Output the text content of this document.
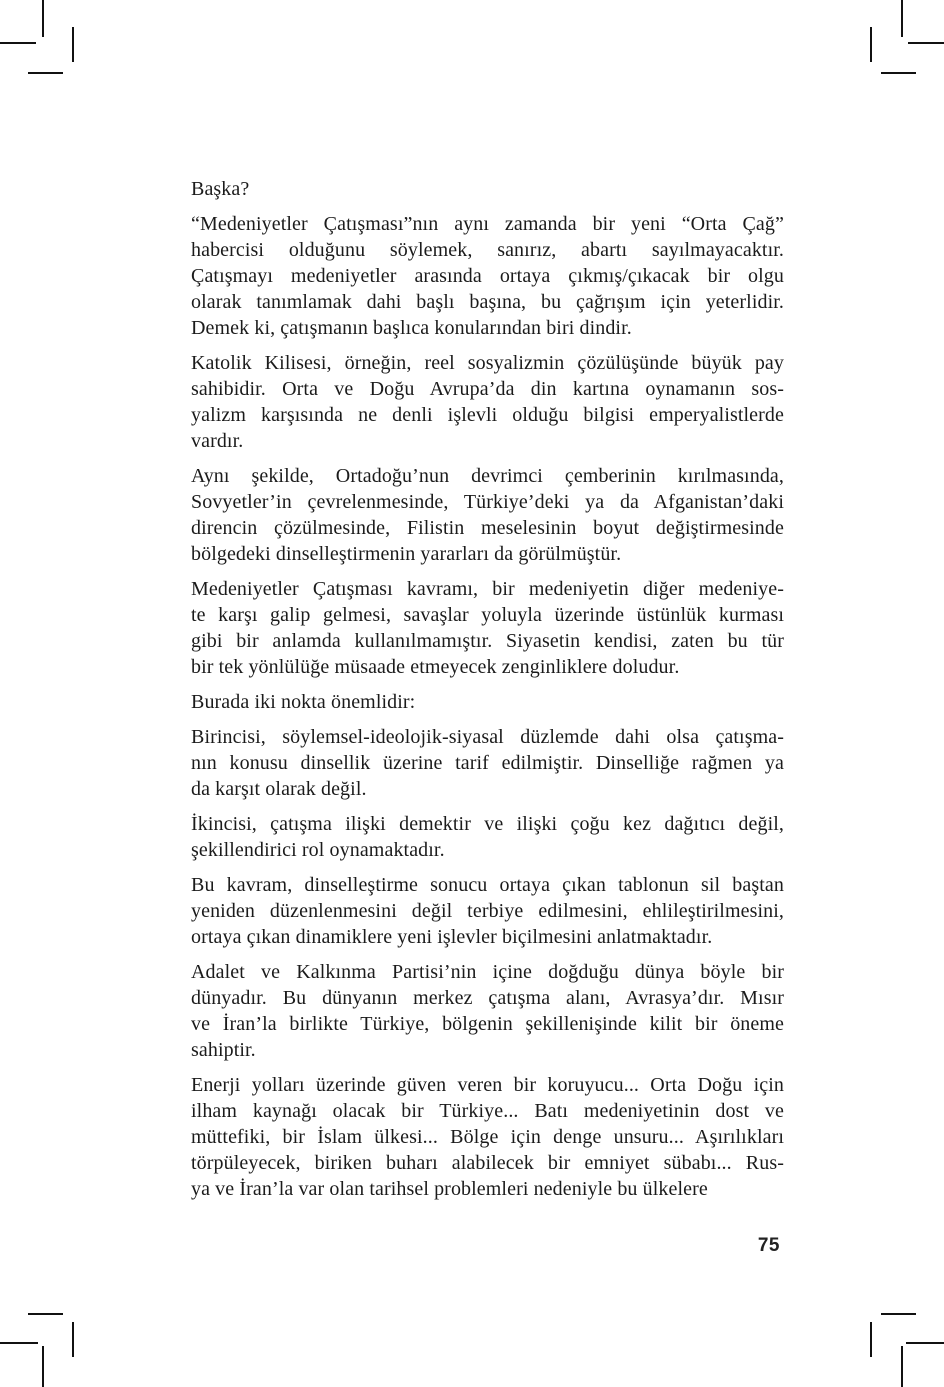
Başka?
“Medeniyetler Çatışması”nın aynı zamanda bir yeni “Orta Çağ”
habercisi olduğunu söylemek, sanırız, abartı sayılmayacaktır.
Çatışmayı medeniyetler arasında ortaya çıkmış/çıkacak bir olgu
olarak tanımlamak dahi başlı başına, bu çağrışım için yeterlidir.
Demek ki, çatışmanın başlıca konularından biri dindir.
Katolik Kilisesi, örneğin, reel sosyalizmin çözülüşünde büyük pay
sahibidir. Orta ve Doğu Avrupa’da din kartına oynamanın sos-
yalizm karşısında ne denli işlevli olduğu bilgisi emperyalistlerde
vardır.
Aynı şekilde, Ortadoğu’nun devrimci çemberinin kırılmasında,
Sovyetler’in çevrelenmesinde, Türkiye’deki ya da Afganistan’daki
direncin çözülmesinde, Filistin meselesinin boyut değiştirmesinde
bölgedeki dinselleştirmenin yararları da görülmüştür.
Medeniyetler Çatışması kavramı, bir medeniyetin diğer medeniye-
te karşı galip gelmesi, savaşlar yoluyla üzerinde üstünlük kurması
gibi bir anlamda kullanılmamıştır. Siyasetin kendisi, zaten bu tür
bir tek yönlülüğe müsaade etmeyecek zenginliklere doludur.
Burada iki nokta önemlidir:
Birincisi, söylemsel-ideolojik-siyasal düzlemde dahi olsa çatışma-
nın konusu dinsellik üzerine tarif edilmiştir. Dinselliğe rağmen ya
da karşıt olarak değil.
İkincisi, çatışma ilişki demektir ve ilişki çoğu kez dağıtıcı değil,
şekillendirici rol oynamaktadır.
Bu kavram, dinselleştirme sonucu ortaya çıkan tablonun sil baştan
yeniden düzenlenmesini değil terbiye edilmesini, ehlileştirilmesini,
ortaya çıkan dinamiklere yeni işlevler biçilmesini anlatmaktadır.
Adalet ve Kalkınma Partisi’nin içine doğduğu dünya böyle bir
dünyadır. Bu dünyanın merkez çatışma alanı, Avrasya’dır. Mısır
ve İran’la birlikte Türkiye, bölgenin şekillenişinde kilit bir öneme
sahiptir.
Enerji yolları üzerinde güven veren bir koruyucu... Orta Doğu için
ilham kaynağı olacak bir Türkiye... Batı medeniyetinin dost ve
müttefiki, bir İslam ülkesi... Bölge için denge unsuru... Aşırılıkları
törpüleyecek, biriken buharı alabilecek bir emniyet sübabı... Rus-
ya ve İran’la var olan tarihsel problemleri nedeniyle bu ülkelere
75
